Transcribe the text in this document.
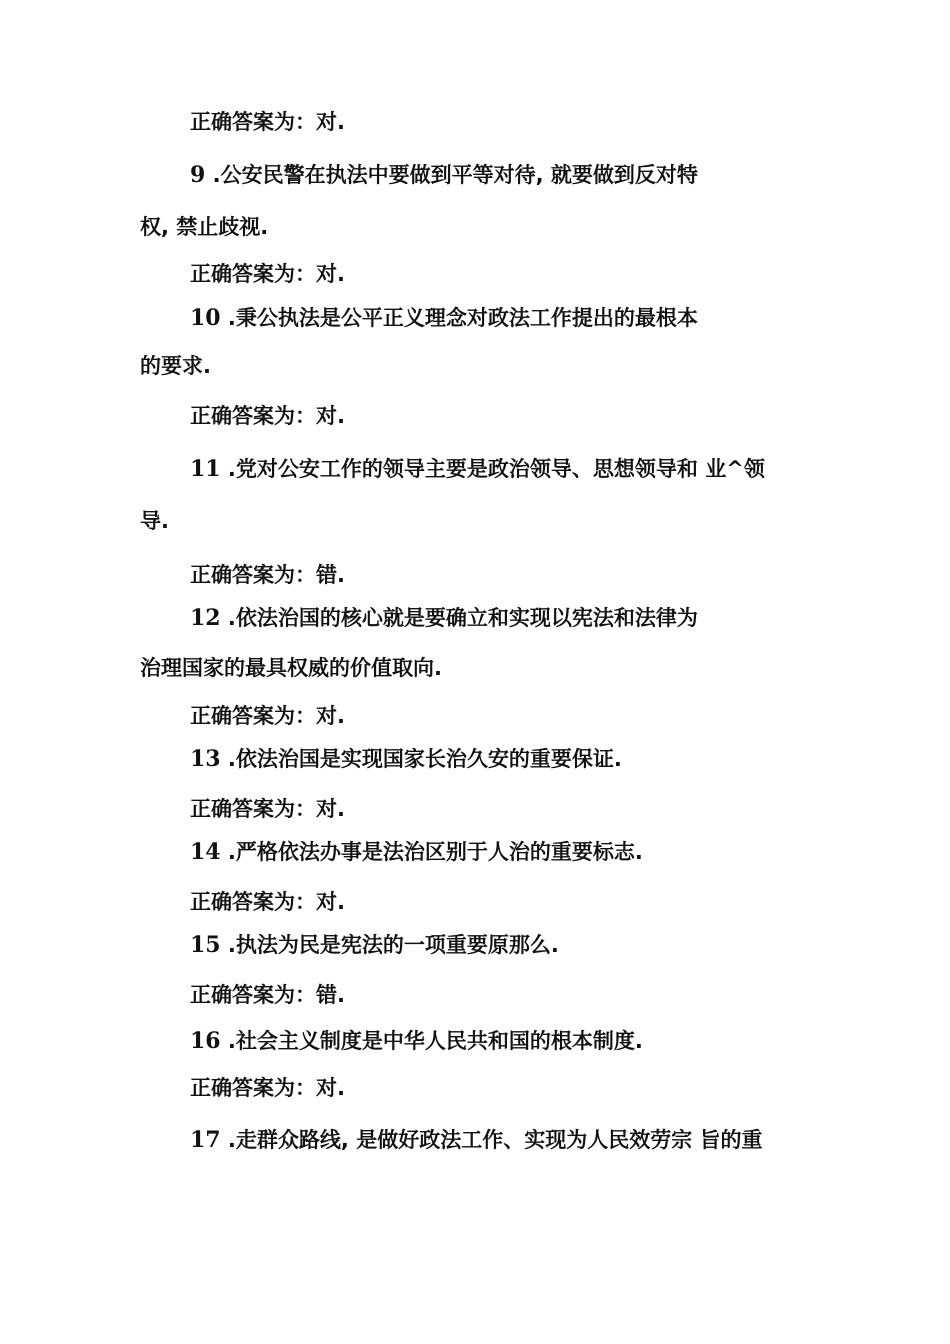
正确答案为：对.
9 .公安民警在执法中要做到平等对待, 就要做到反对特
权, 禁止歧视.
正确答案为：对.
10 .秉公执法是公平正义理念对政法工作提出的最根本
的要求.
正确答案为：对.
11 .党对公安工作的领导主要是政治领导、思想领导和 业^领
导.
正确答案为：错.
12 .依法治国的核心就是要确立和实现以宪法和法律为
治理国家的最具权威的价值取向.
正确答案为：对.
13 .依法治国是实现国家长治久安的重要保证.
正确答案为：对.
14 .严格依法办事是法治区别于人治的重要标志.
正确答案为：对.
15 .执法为民是宪法的一项重要原那么.
正确答案为：错.
16 .社会主义制度是中华人民共和国的根本制度.
正确答案为：对.
17 .走群众路线, 是做好政法工作、实现为人民效劳宗 旨的重
